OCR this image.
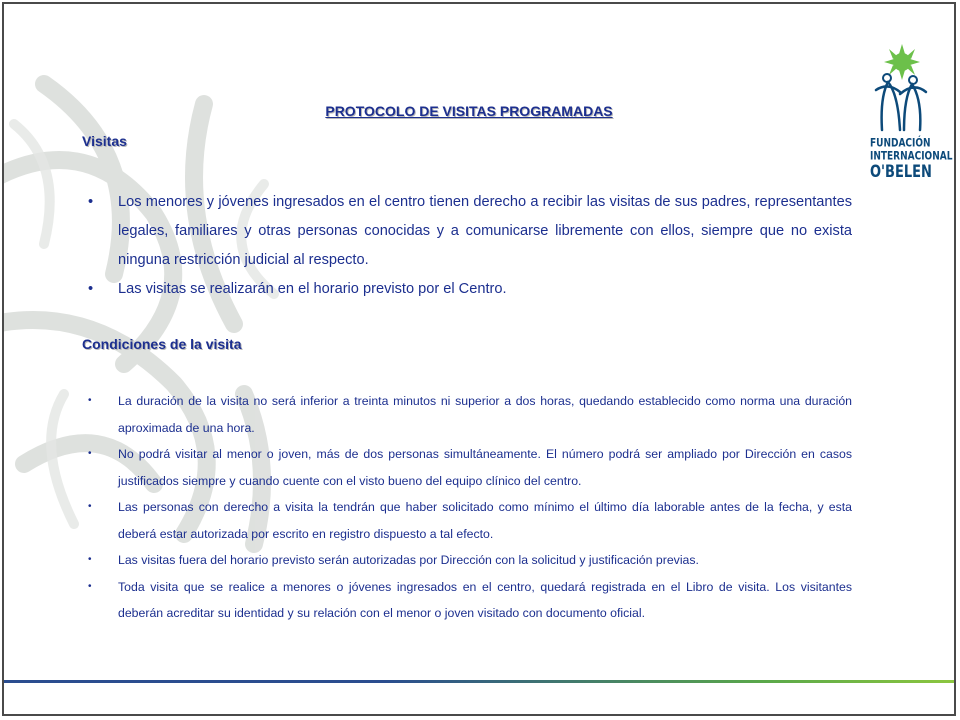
FUNDACIÓN
INTERNACIONAL
O'BELEN
PROTOCOLO DE VISITAS PROGRAMADAS
Visitas
• Los menores y jóvenes ingresados en el centro tienen derecho a recibir las visitas de sus padres, representantes legales, familiares y otras personas conocidas y a comunicarse libremente con ellos, siempre que no exista ninguna restricción judicial al respecto.
• Las visitas se realizarán en el horario previsto por el Centro.
Condiciones de la visita
• La duración de la visita no será inferior a treinta minutos ni superior a dos horas, quedando establecido como norma una duración aproximada de una hora.
• No podrá visitar al menor o joven, más de dos personas simultáneamente. El número podrá ser ampliado por Dirección en casos justificados siempre y cuando cuente con el visto bueno del equipo clínico del centro.
• Las personas con derecho a visita la tendrán que haber solicitado como mínimo el último día laborable antes de la fecha, y esta deberá estar autorizada por escrito en registro dispuesto a tal efecto.
• Las visitas fuera del horario previsto serán autorizadas por Dirección con la solicitud y justificación previas.
• Toda visita que se realice a menores o jóvenes ingresados en el centro, quedará registrada en el Libro de visita. Los visitantes deberán acreditar su identidad y su relación con el menor o joven visitado con documento oficial.
